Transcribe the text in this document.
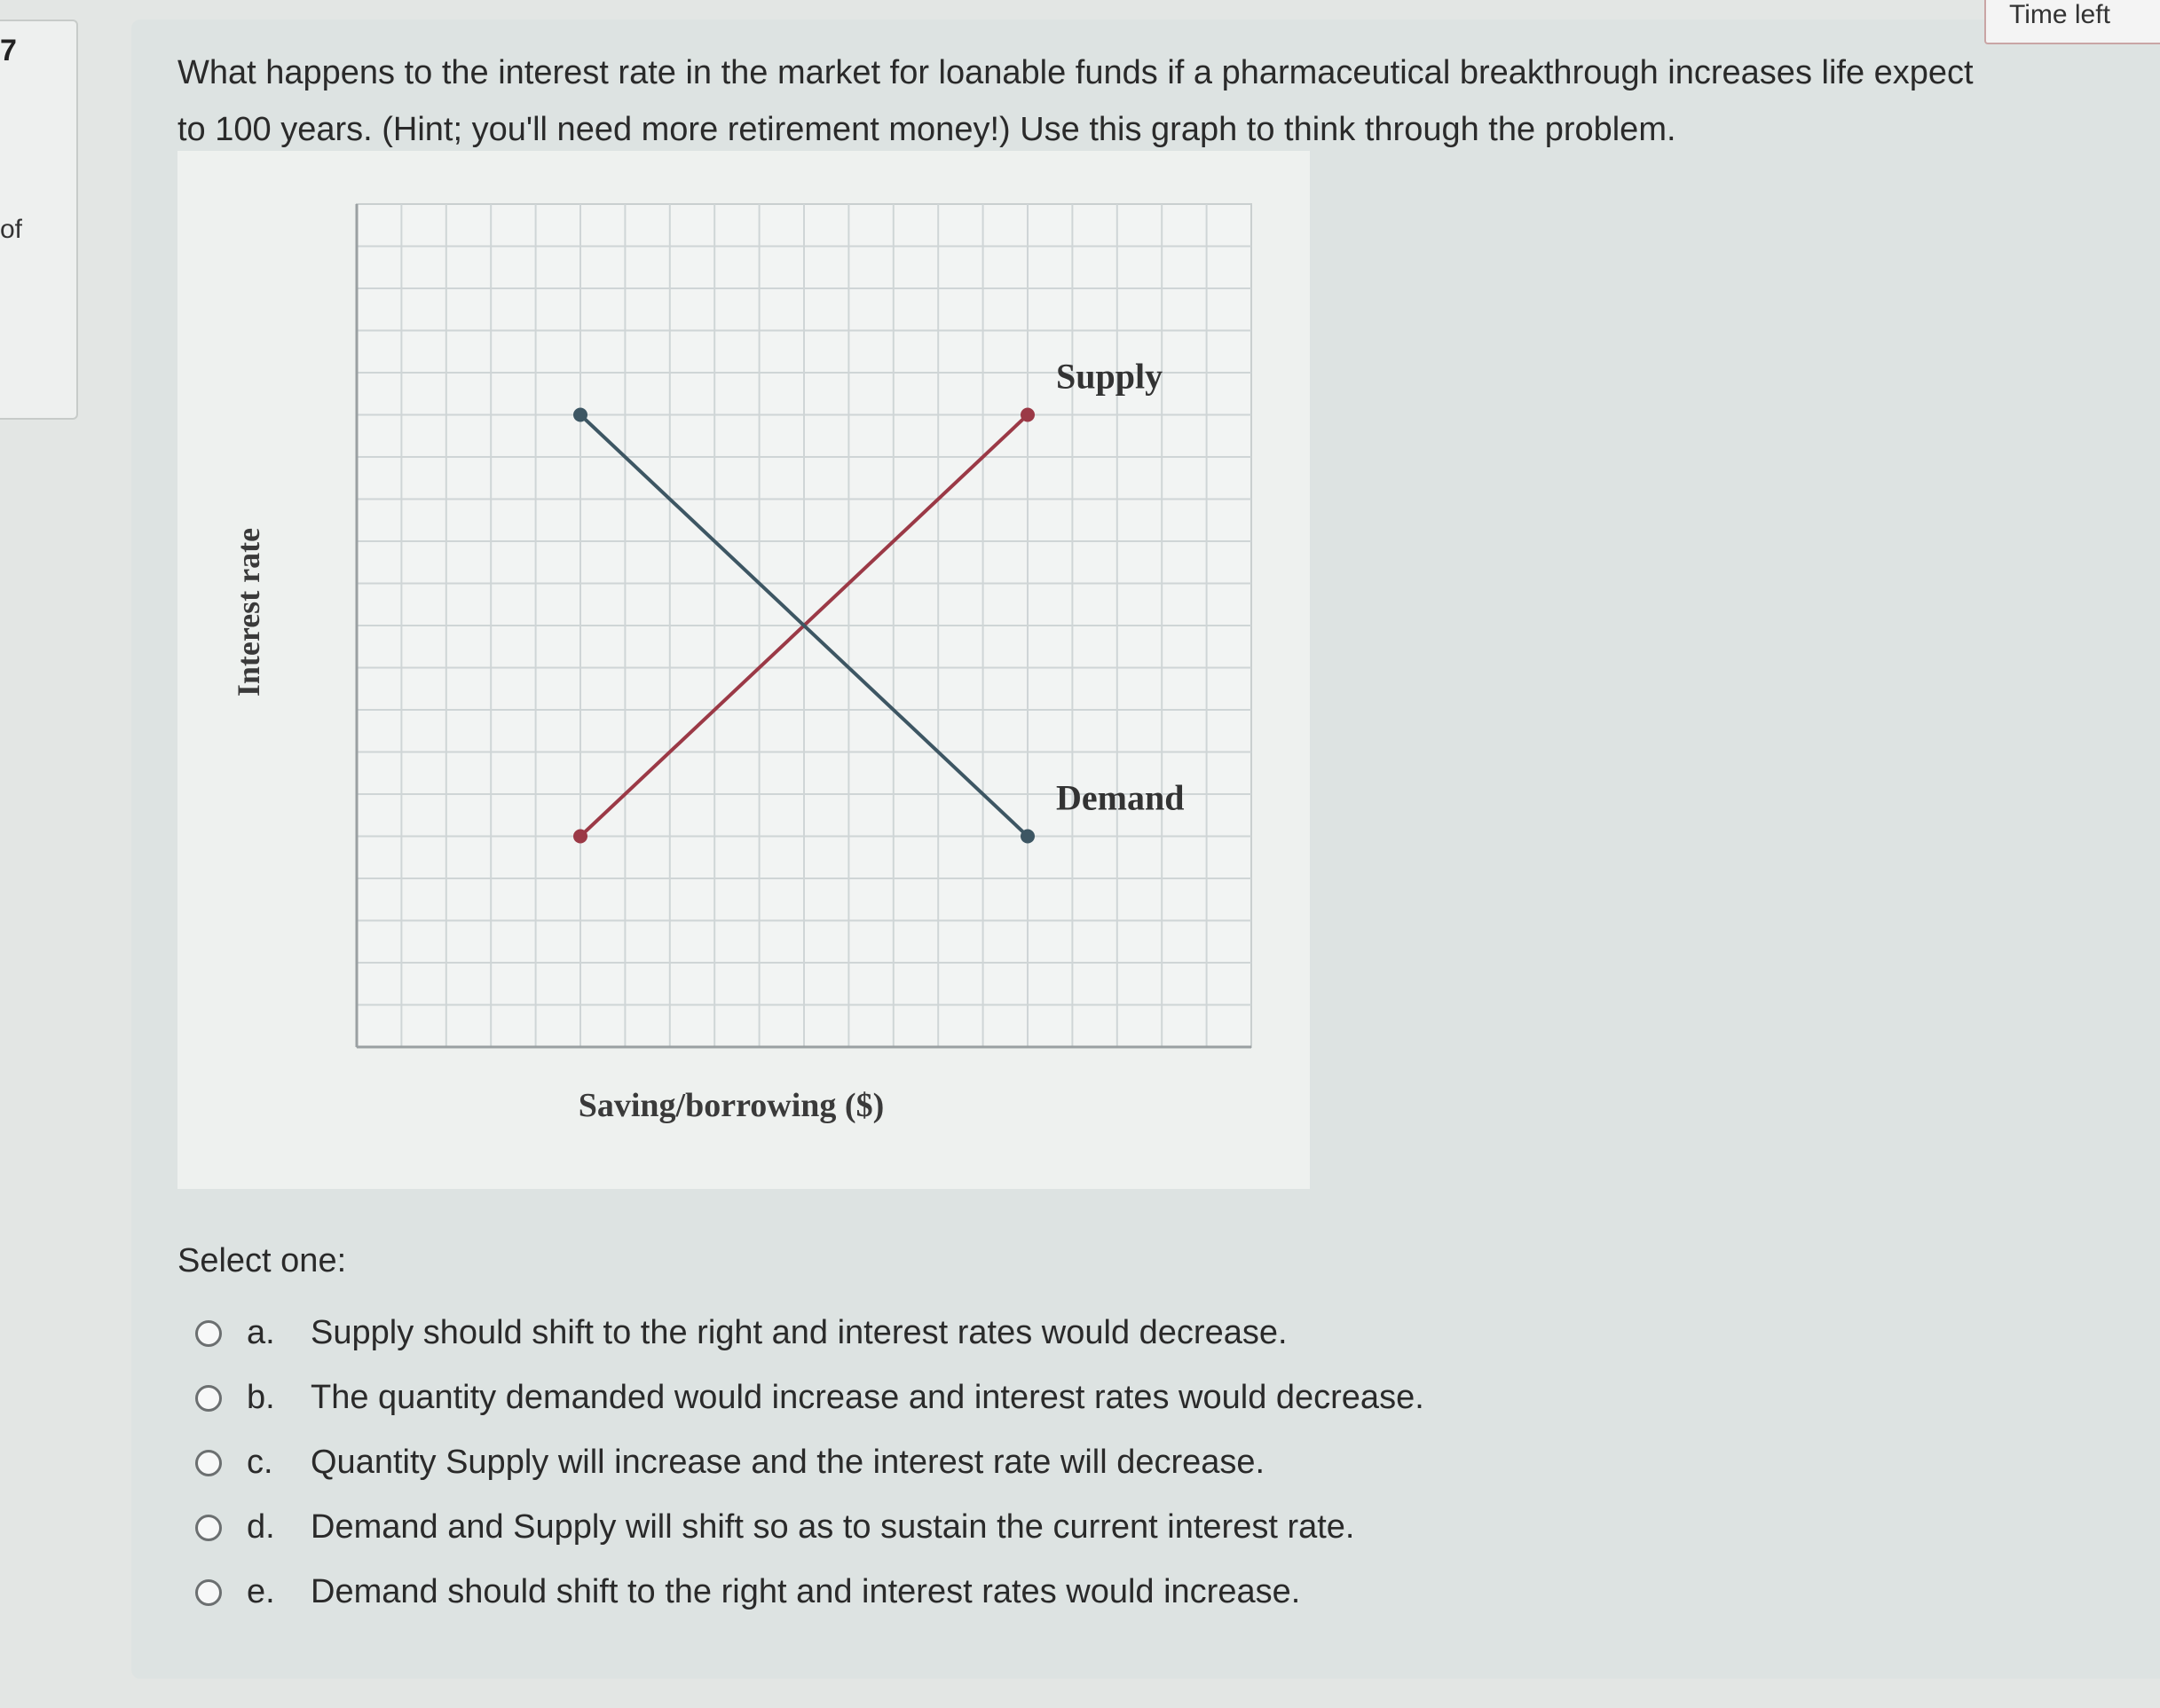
7
of
What happens to the interest rate in the market for loanable funds if a pharmaceutical breakthrough increases life expect
to 100 years. (Hint; you'll need more retirement money!) Use this graph to think through the problem.
Supply
Demand
Interest rate
Saving/borrowing ($)
Select one:
a.	Supply should shift to the right and interest rates would decrease.
b.	The quantity demanded would increase and interest rates would decrease.
c.	Quantity Supply will increase and the interest rate will decrease.
d.	Demand and Supply will shift so as to sustain the current interest rate.
e.	Demand should shift to the right and interest rates would increase.
Time left
